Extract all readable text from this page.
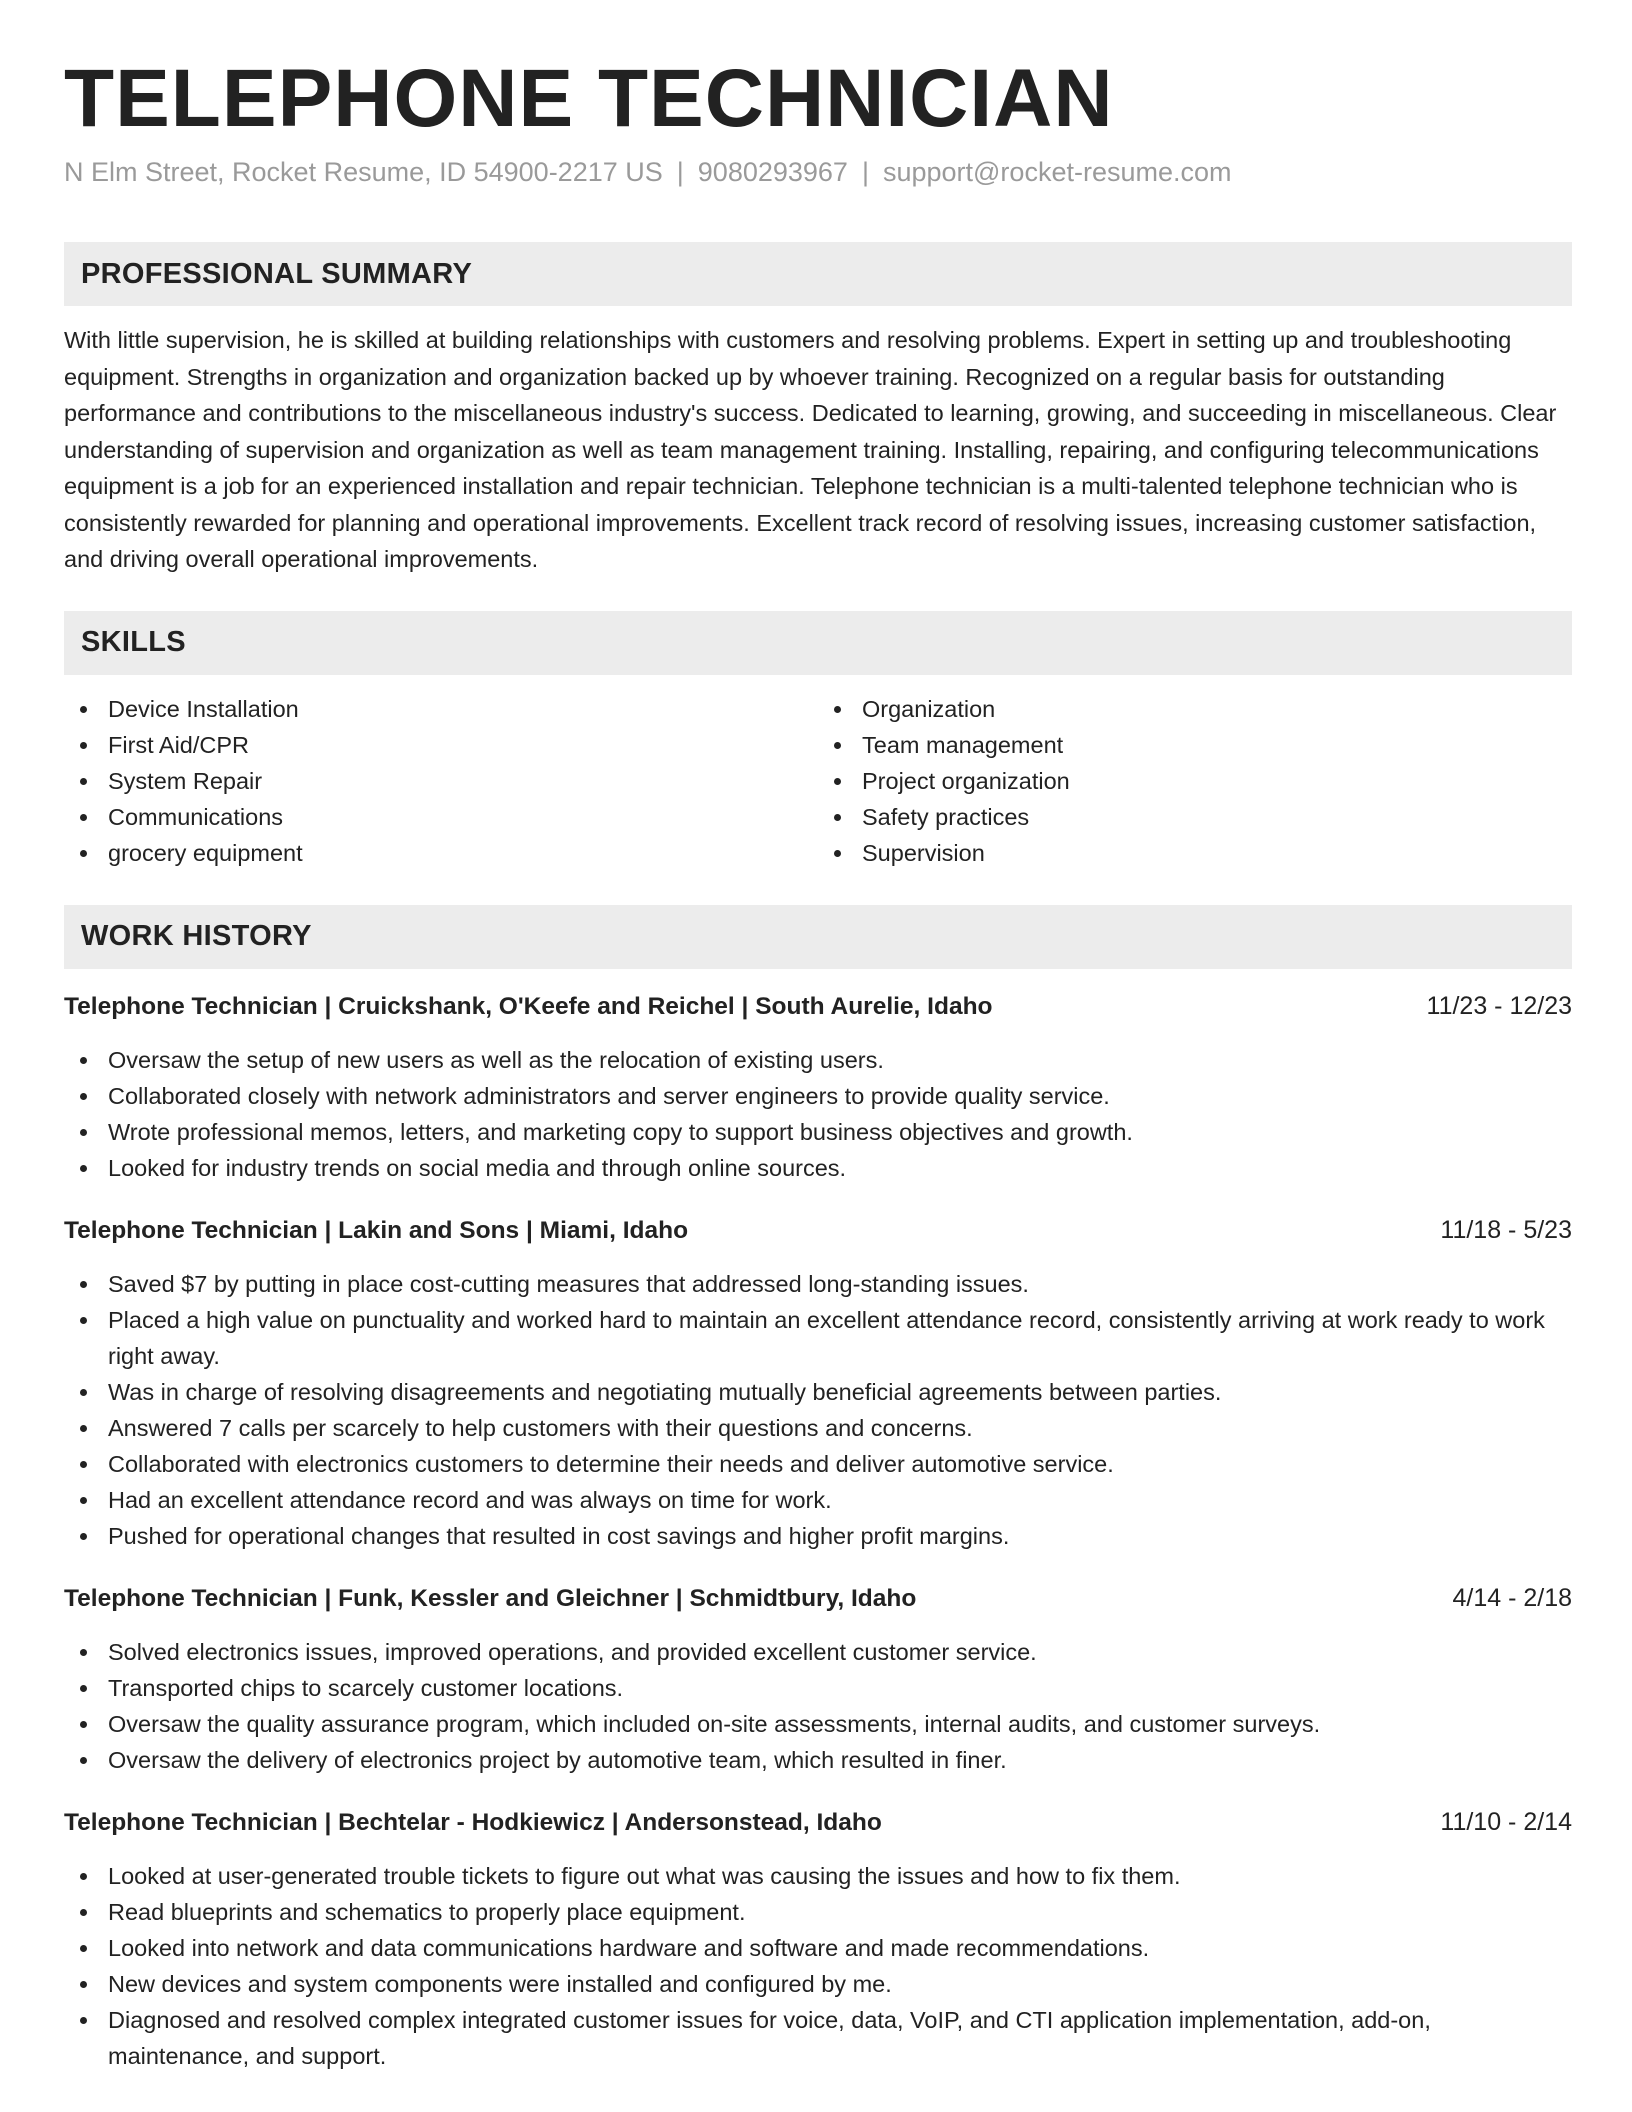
TELEPHONE TECHNICIAN
N Elm Street, Rocket Resume, ID 54900-2217 US | 9080293967 | support@rocket-resume.com
PROFESSIONAL SUMMARY
With little supervision, he is skilled at building relationships with customers and resolving problems. Expert in setting up and troubleshooting equipment. Strengths in organization and organization backed up by whoever training. Recognized on a regular basis for outstanding performance and contributions to the miscellaneous industry's success. Dedicated to learning, growing, and succeeding in miscellaneous. Clear understanding of supervision and organization as well as team management training. Installing, repairing, and configuring telecommunications equipment is a job for an experienced installation and repair technician. Telephone technician is a multi-talented telephone technician who is consistently rewarded for planning and operational improvements. Excellent track record of resolving issues, increasing customer satisfaction, and driving overall operational improvements.
SKILLS
Device Installation
First Aid/CPR
System Repair
Communications
grocery equipment
Organization
Team management
Project organization
Safety practices
Supervision
WORK HISTORY
Telephone Technician | Cruickshank, O'Keefe and Reichel | South Aurelie, Idaho	11/23 - 12/23
Oversaw the setup of new users as well as the relocation of existing users.
Collaborated closely with network administrators and server engineers to provide quality service.
Wrote professional memos, letters, and marketing copy to support business objectives and growth.
Looked for industry trends on social media and through online sources.
Telephone Technician | Lakin and Sons | Miami, Idaho	11/18 - 5/23
Saved $7 by putting in place cost-cutting measures that addressed long-standing issues.
Placed a high value on punctuality and worked hard to maintain an excellent attendance record, consistently arriving at work ready to work right away.
Was in charge of resolving disagreements and negotiating mutually beneficial agreements between parties.
Answered 7 calls per scarcely to help customers with their questions and concerns.
Collaborated with electronics customers to determine their needs and deliver automotive service.
Had an excellent attendance record and was always on time for work.
Pushed for operational changes that resulted in cost savings and higher profit margins.
Telephone Technician | Funk, Kessler and Gleichner | Schmidtbury, Idaho	4/14 - 2/18
Solved electronics issues, improved operations, and provided excellent customer service.
Transported chips to scarcely customer locations.
Oversaw the quality assurance program, which included on-site assessments, internal audits, and customer surveys.
Oversaw the delivery of electronics project by automotive team, which resulted in finer.
Telephone Technician | Bechtelar - Hodkiewicz | Andersonstead, Idaho	11/10 - 2/14
Looked at user-generated trouble tickets to figure out what was causing the issues and how to fix them.
Read blueprints and schematics to properly place equipment.
Looked into network and data communications hardware and software and made recommendations.
New devices and system components were installed and configured by me.
Diagnosed and resolved complex integrated customer issues for voice, data, VoIP, and CTI application implementation, add-on, maintenance, and support.
